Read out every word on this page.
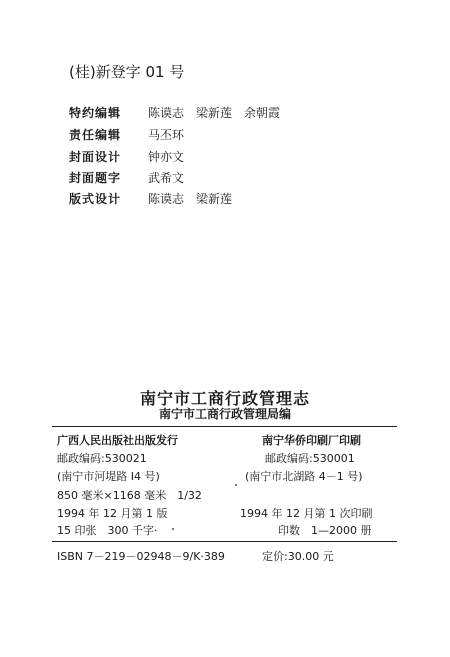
(桂)新登字 01 号
特约编辑 陈谟志　梁新莲　余朝霞
责任编辑 马丕环
封面设计 钟亦文
封面题字 武希文
版式设计 陈谟志　梁新莲
南宁市工商行政管理志
南宁市工商行政管理局编
广西人民出版社出版发行	南宁华侨印刷厂印刷
邮政编码:530021	邮政编码:530001
(南宁市河堤路 I4 号)	(南宁市北湖路 4－1 号)
850 毫米×1168 毫米　1/32
1994 年 12 月第 1 版	1994 年 12 月第 1 次印刷
15 印张　300 千字·	印数　1—2000 册
ISBN 7－219－02948－9/K·389	定价:30.00 元
